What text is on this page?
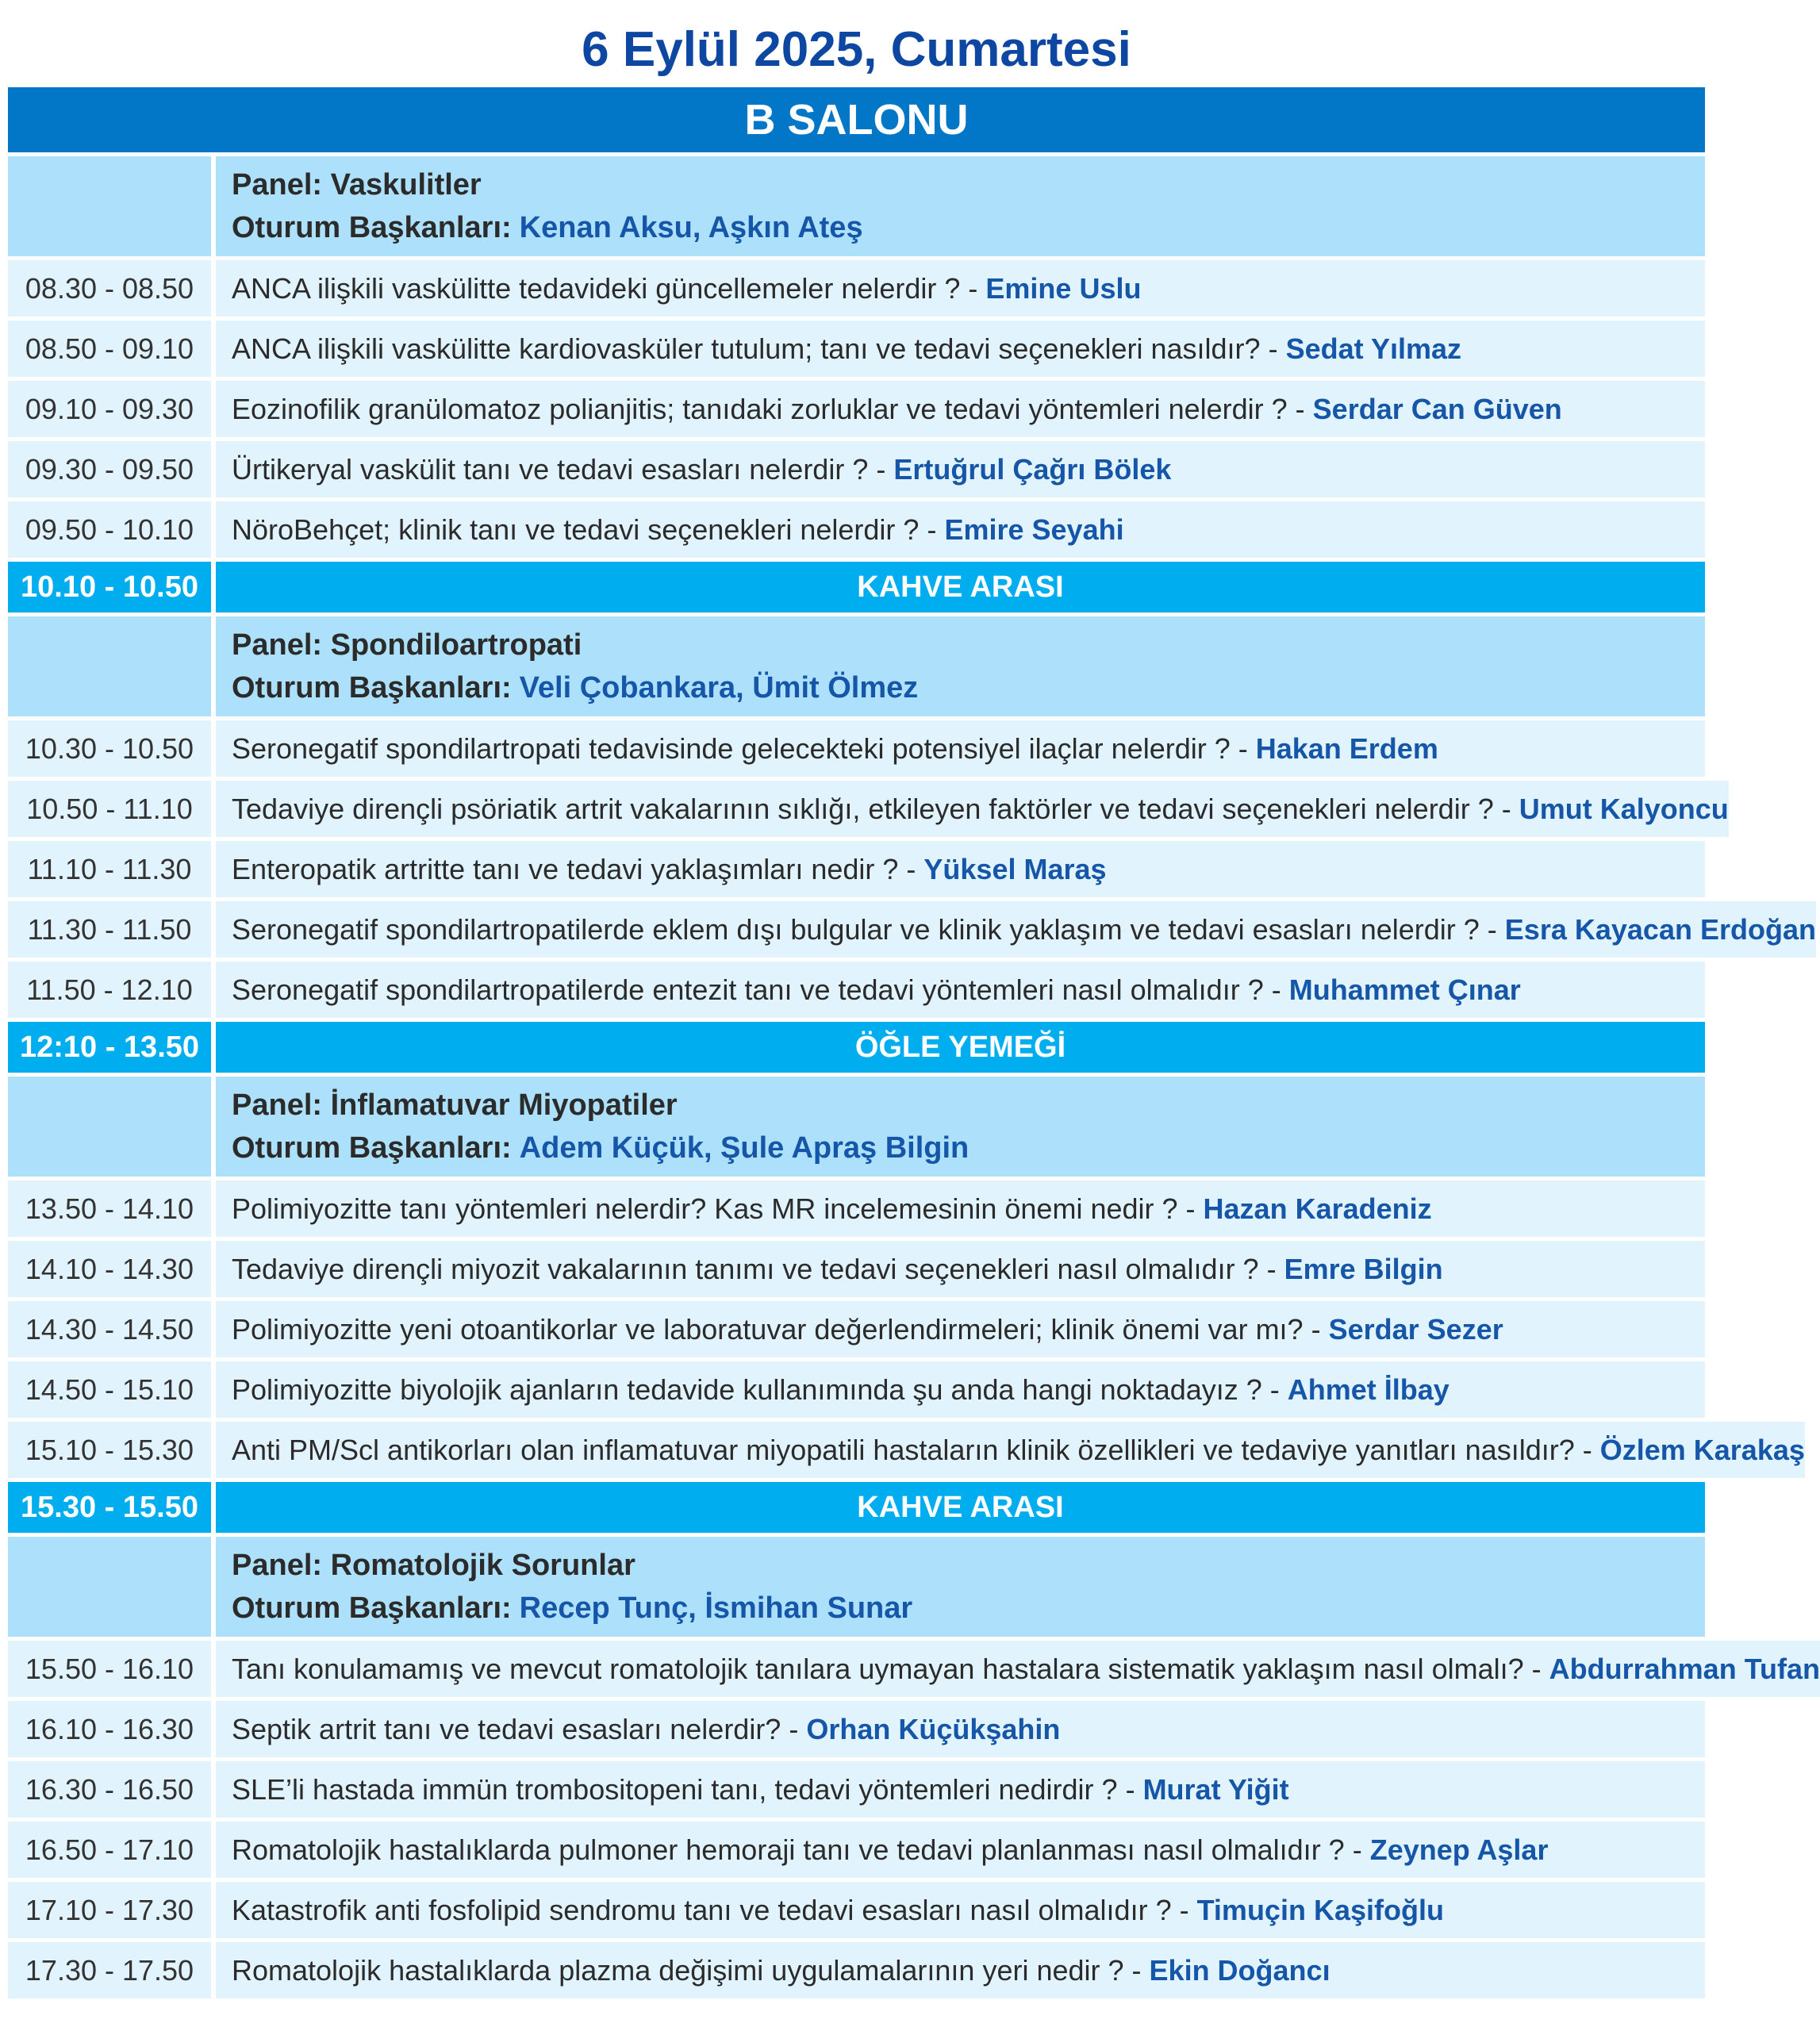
6 Eylül 2025, Cumartesi
B SALONU
Panel: Vaskulitler
Oturum Başkanları: Kenan Aksu, Aşkın Ateş
08.30 - 08.50	ANCA ilişkili vaskülitte tedavideki güncellemeler nelerdir ? - Emine Uslu
08.50 - 09.10	ANCA ilişkili vaskülitte kardiovasküler tutulum; tanı ve tedavi seçenekleri nasıldır? - Sedat Yılmaz
09.10 - 09.30	Eozinofilik granülomatoz polianjitis; tanıdaki zorluklar ve tedavi yöntemleri nelerdir ? - Serdar Can Güven
09.30 - 09.50	Ürtikeryal vaskülit tanı ve tedavi esasları nelerdir ? - Ertuğrul Çağrı Bölek
09.50 - 10.10	NöroBehçet; klinik tanı ve tedavi seçenekleri nelerdir ? - Emire Seyahi
10.10 - 10.50	KAHVE ARASI
Panel: Spondiloartropati
Oturum Başkanları: Veli Çobankara, Ümit Ölmez
10.30 - 10.50	Seronegatif spondilartropati tedavisinde gelecekteki potensiyel ilaçlar nelerdir ? - Hakan Erdem
10.50 - 11.10	Tedaviye dirençli psöriatik artrit vakalarının sıklığı, etkileyen faktörler ve tedavi seçenekleri nelerdir ? - Umut Kalyoncu
11.10 - 11.30	Enteropatik artritte tanı ve tedavi yaklaşımları nedir ? - Yüksel Maraş
11.30 - 11.50	Seronegatif spondilartropatilerde eklem dışı bulgular ve klinik yaklaşım ve tedavi esasları nelerdir ? - Esra Kayacan Erdoğan
11.50 - 12.10	Seronegatif spondilartropatilerde entezit tanı ve tedavi yöntemleri nasıl olmalıdır ? - Muhammet Çınar
12:10 - 13.50	ÖĞLE YEMEĞİ
Panel: İnflamatuvar Miyopatiler
Oturum Başkanları: Adem Küçük, Şule Apraş Bilgin
13.50 - 14.10	Polimiyozitte tanı yöntemleri nelerdir? Kas MR incelemesinin önemi nedir ? - Hazan Karadeniz
14.10 - 14.30	Tedaviye dirençli miyozit vakalarının tanımı ve tedavi seçenekleri nasıl olmalıdır ? - Emre Bilgin
14.30 - 14.50	Polimiyozitte yeni otoantikorlar ve laboratuvar değerlendirmeleri; klinik önemi var mı? - Serdar Sezer
14.50 - 15.10	Polimiyozitte biyolojik ajanların tedavide kullanımında şu anda hangi noktadayız ? - Ahmet İlbay
15.10 - 15.30	Anti PM/Scl antikorları olan inflamatuvar miyopatili hastaların klinik özellikleri ve tedaviye yanıtları nasıldır? - Özlem Karakaş
15.30 - 15.50	KAHVE ARASI
Panel: Romatolojik Sorunlar
Oturum Başkanları: Recep Tunç, İsmihan Sunar
15.50 - 16.10	Tanı konulamamış ve mevcut romatolojik tanılara uymayan hastalara sistematik yaklaşım nasıl olmalı? - Abdurrahman Tufan
16.10 - 16.30	Septik artrit tanı ve tedavi esasları nelerdir? - Orhan Küçükşahin
16.30 - 16.50	SLE’li hastada immün trombositopeni tanı, tedavi yöntemleri nedirdir ? - Murat Yiğit
16.50 - 17.10	Romatolojik hastalıklarda pulmoner hemoraji tanı ve tedavi planlanması nasıl olmalıdır ? - Zeynep Aşlar
17.10 - 17.30	Katastrofik anti fosfolipid sendromu tanı ve tedavi esasları nasıl olmalıdır ? - Timuçin Kaşifoğlu
17.30 - 17.50	Romatolojik hastalıklarda plazma değişimi uygulamalarının yeri nedir ? - Ekin Doğancı
